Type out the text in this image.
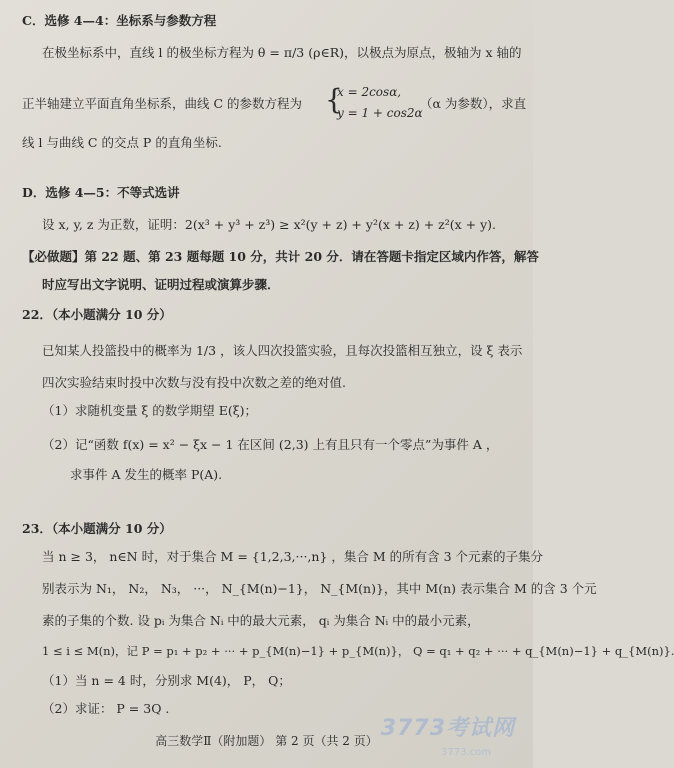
C．选修 4—4：坐标系与参数方程
在极坐标系中，直线 l 的极坐标方程为 θ = π/3 (ρ∈R)，以极点为原点，极轴为 x 轴的
正半轴建立平面直角坐标系，曲线 C 的参数方程为 {
x = 2cosα,
y = 1 + cos2α
（α 为参数），求直
线 l 与曲线 C 的交点 P 的直角坐标.
D．选修 4—5：不等式选讲
设 x, y, z 为正数，证明：2(x³ + y³ + z³) ≥ x²(y + z) + y²(x + z) + z²(x + y).
【必做题】第 22 题、第 23 题每题 10 分，共计 20 分．请在答题卡指定区域内作答，解答
时应写出文字说明、证明过程或演算步骤．
22．（本小题满分 10 分）
已知某人投篮投中的概率为 1/3 ，该人四次投篮实验，且每次投篮相互独立，设 ξ 表示
四次实验结束时投中次数与没有投中次数之差的绝对值.
（1）求随机变量 ξ 的数学期望 E(ξ)；
（2）记“函数 f(x) = x² − ξx − 1 在区间 (2,3) 上有且只有一个零点”为事件 A ，
求事件 A 发生的概率 P(A).
23．（本小题满分 10 分）
当 n ≥ 3， n∈N 时，对于集合 M = {1,2,3,···,n} ，集合 M 的所有含 3 个元素的子集分
别表示为 N₁， N₂， N₃， ···， N_{M(n)−1}， N_{M(n)}，其中 M(n) 表示集合 M 的含 3 个元
素的子集的个数. 设 pᵢ 为集合 Nᵢ 中的最大元素， qᵢ 为集合 Nᵢ 中的最小元素，
1 ≤ i ≤ M(n)，记 P = p₁ + p₂ + ··· + p_{M(n)−1} + p_{M(n)}， Q = q₁ + q₂ + ··· + q_{M(n)−1} + q_{M(n)}.
（1）当 n = 4 时，分别求 M(4)， P， Q；
（2）求证： P = 3Q .
高三数学Ⅱ（附加题） 第 2 页（共 2 页） 3773考试网
3773.com
